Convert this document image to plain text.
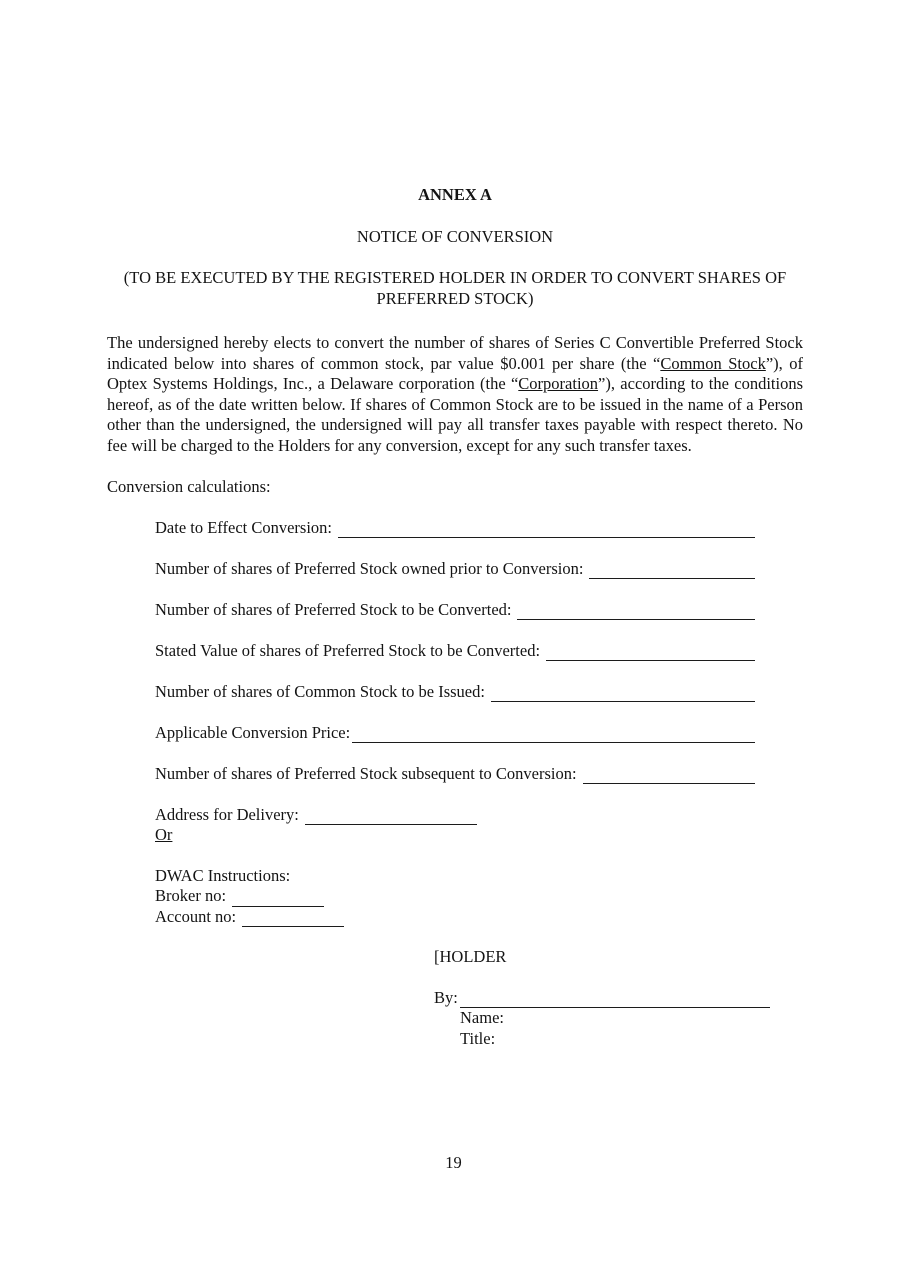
ANNEX A
NOTICE OF CONVERSION
(TO BE EXECUTED BY THE REGISTERED HOLDER IN ORDER TO CONVERT SHARES OF PREFERRED STOCK)
The undersigned hereby elects to convert the number of shares of Series C Convertible Preferred Stock indicated below into shares of common stock, par value $0.001 per share (the “Common Stock”), of Optex Systems Holdings, Inc., a Delaware corporation (the “Corporation”), according to the conditions hereof, as of the date written below. If shares of Common Stock are to be issued in the name of a Person other than the undersigned, the undersigned will pay all transfer taxes payable with respect thereto. No fee will be charged to the Holders for any conversion, except for any such transfer taxes.
Conversion calculations:
Date to Effect Conversion:
Number of shares of Preferred Stock owned prior to Conversion:
Number of shares of Preferred Stock to be Converted:
Stated Value of shares of Preferred Stock to be Converted:
Number of shares of Common Stock to be Issued:
Applicable Conversion Price:
Number of shares of Preferred Stock subsequent to Conversion:
Address for Delivery:
Or
DWAC Instructions:
Broker no:
Account no:
[HOLDER
By:
Name:
Title:
19
